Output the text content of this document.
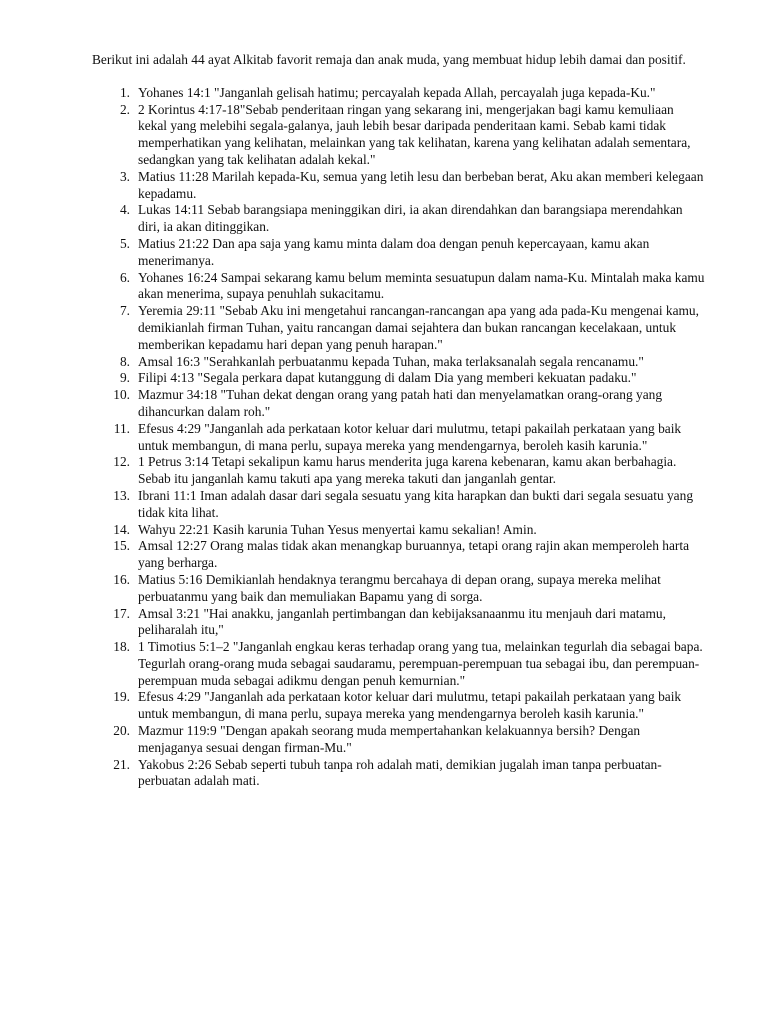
Berikut ini adalah 44 ayat Alkitab favorit remaja dan anak muda, yang membuat hidup lebih damai dan positif.

1. Yohanes 14:1 "Janganlah gelisah hatimu; percayalah kepada Allah, percayalah juga kepada-Ku."
2. 2 Korintus 4:17-18"Sebab penderitaan ringan yang sekarang ini, mengerjakan bagi kamu kemuliaan kekal yang melebihi segala-galanya, jauh lebih besar daripada penderitaan kami. Sebab kami tidak memperhatikan yang kelihatan, melainkan yang tak kelihatan, karena yang kelihatan adalah sementara, sedangkan yang tak kelihatan adalah kekal."
3. Matius 11:28 Marilah kepada-Ku, semua yang letih lesu dan berbeban berat, Aku akan memberi kelegaan kepadamu.
4. Lukas 14:11 Sebab barangsiapa meninggikan diri, ia akan direndahkan dan barangsiapa merendahkan diri, ia akan ditinggikan.
5. Matius 21:22 Dan apa saja yang kamu minta dalam doa dengan penuh kepercayaan, kamu akan menerimanya.
6. Yohanes 16:24 Sampai sekarang kamu belum meminta sesuatupun dalam nama-Ku. Mintalah maka kamu akan menerima, supaya penuhlah sukacitamu.
7. Yeremia 29:11 "Sebab Aku ini mengetahui rancangan-rancangan apa yang ada pada-Ku mengenai kamu, demikianlah firman Tuhan, yaitu rancangan damai sejahtera dan bukan rancangan kecelakaan, untuk memberikan kepadamu hari depan yang penuh harapan."
8. Amsal 16:3 "Serahkanlah perbuatanmu kepada Tuhan, maka terlaksanalah segala rencanamu."
9. Filipi 4:13 "Segala perkara dapat kutanggung di dalam Dia yang memberi kekuatan padaku."
10. Mazmur 34:18 "Tuhan dekat dengan orang yang patah hati dan menyelamatkan orang-orang yang dihancurkan dalam roh."
11. Efesus 4:29 "Janganlah ada perkataan kotor keluar dari mulutmu, tetapi pakailah perkataan yang baik untuk membangun, di mana perlu, supaya mereka yang mendengarnya, beroleh kasih karunia."
12. 1 Petrus 3:14 Tetapi sekalipun kamu harus menderita juga karena kebenaran, kamu akan berbahagia. Sebab itu janganlah kamu takuti apa yang mereka takuti dan janganlah gentar.
13. Ibrani 11:1 Iman adalah dasar dari segala sesuatu yang kita harapkan dan bukti dari segala sesuatu yang tidak kita lihat.
14. Wahyu 22:21 Kasih karunia Tuhan Yesus menyertai kamu sekalian! Amin.
15. Amsal 12:27 Orang malas tidak akan menangkap buruannya, tetapi orang rajin akan memperoleh harta yang berharga.
16. Matius 5:16 Demikianlah hendaknya terangmu bercahaya di depan orang, supaya mereka melihat perbuatanmu yang baik dan memuliakan Bapamu yang di sorga.
17. Amsal 3:21 "Hai anakku, janganlah pertimbangan dan kebijaksanaanmu itu menjauh dari matamu, peliharalah itu,"
18. 1 Timotius 5:1–2 "Janganlah engkau keras terhadap orang yang tua, melainkan tegurlah dia sebagai bapa. Tegurlah orang-orang muda sebagai saudaramu, perempuan-perempuan tua sebagai ibu, dan perempuan-perempuan muda sebagai adikmu dengan penuh kemurnian."
19. Efesus 4:29 "Janganlah ada perkataan kotor keluar dari mulutmu, tetapi pakailah perkataan yang baik untuk membangun, di mana perlu, supaya mereka yang mendengarnya beroleh kasih karunia."
20. Mazmur 119:9 "Dengan apakah seorang muda mempertahankan kelakuannya bersih? Dengan menjaganya sesuai dengan firman-Mu."
21. Yakobus 2:26 Sebab seperti tubuh tanpa roh adalah mati, demikian jugalah iman tanpa perbuatan-perbuatan adalah mati.
